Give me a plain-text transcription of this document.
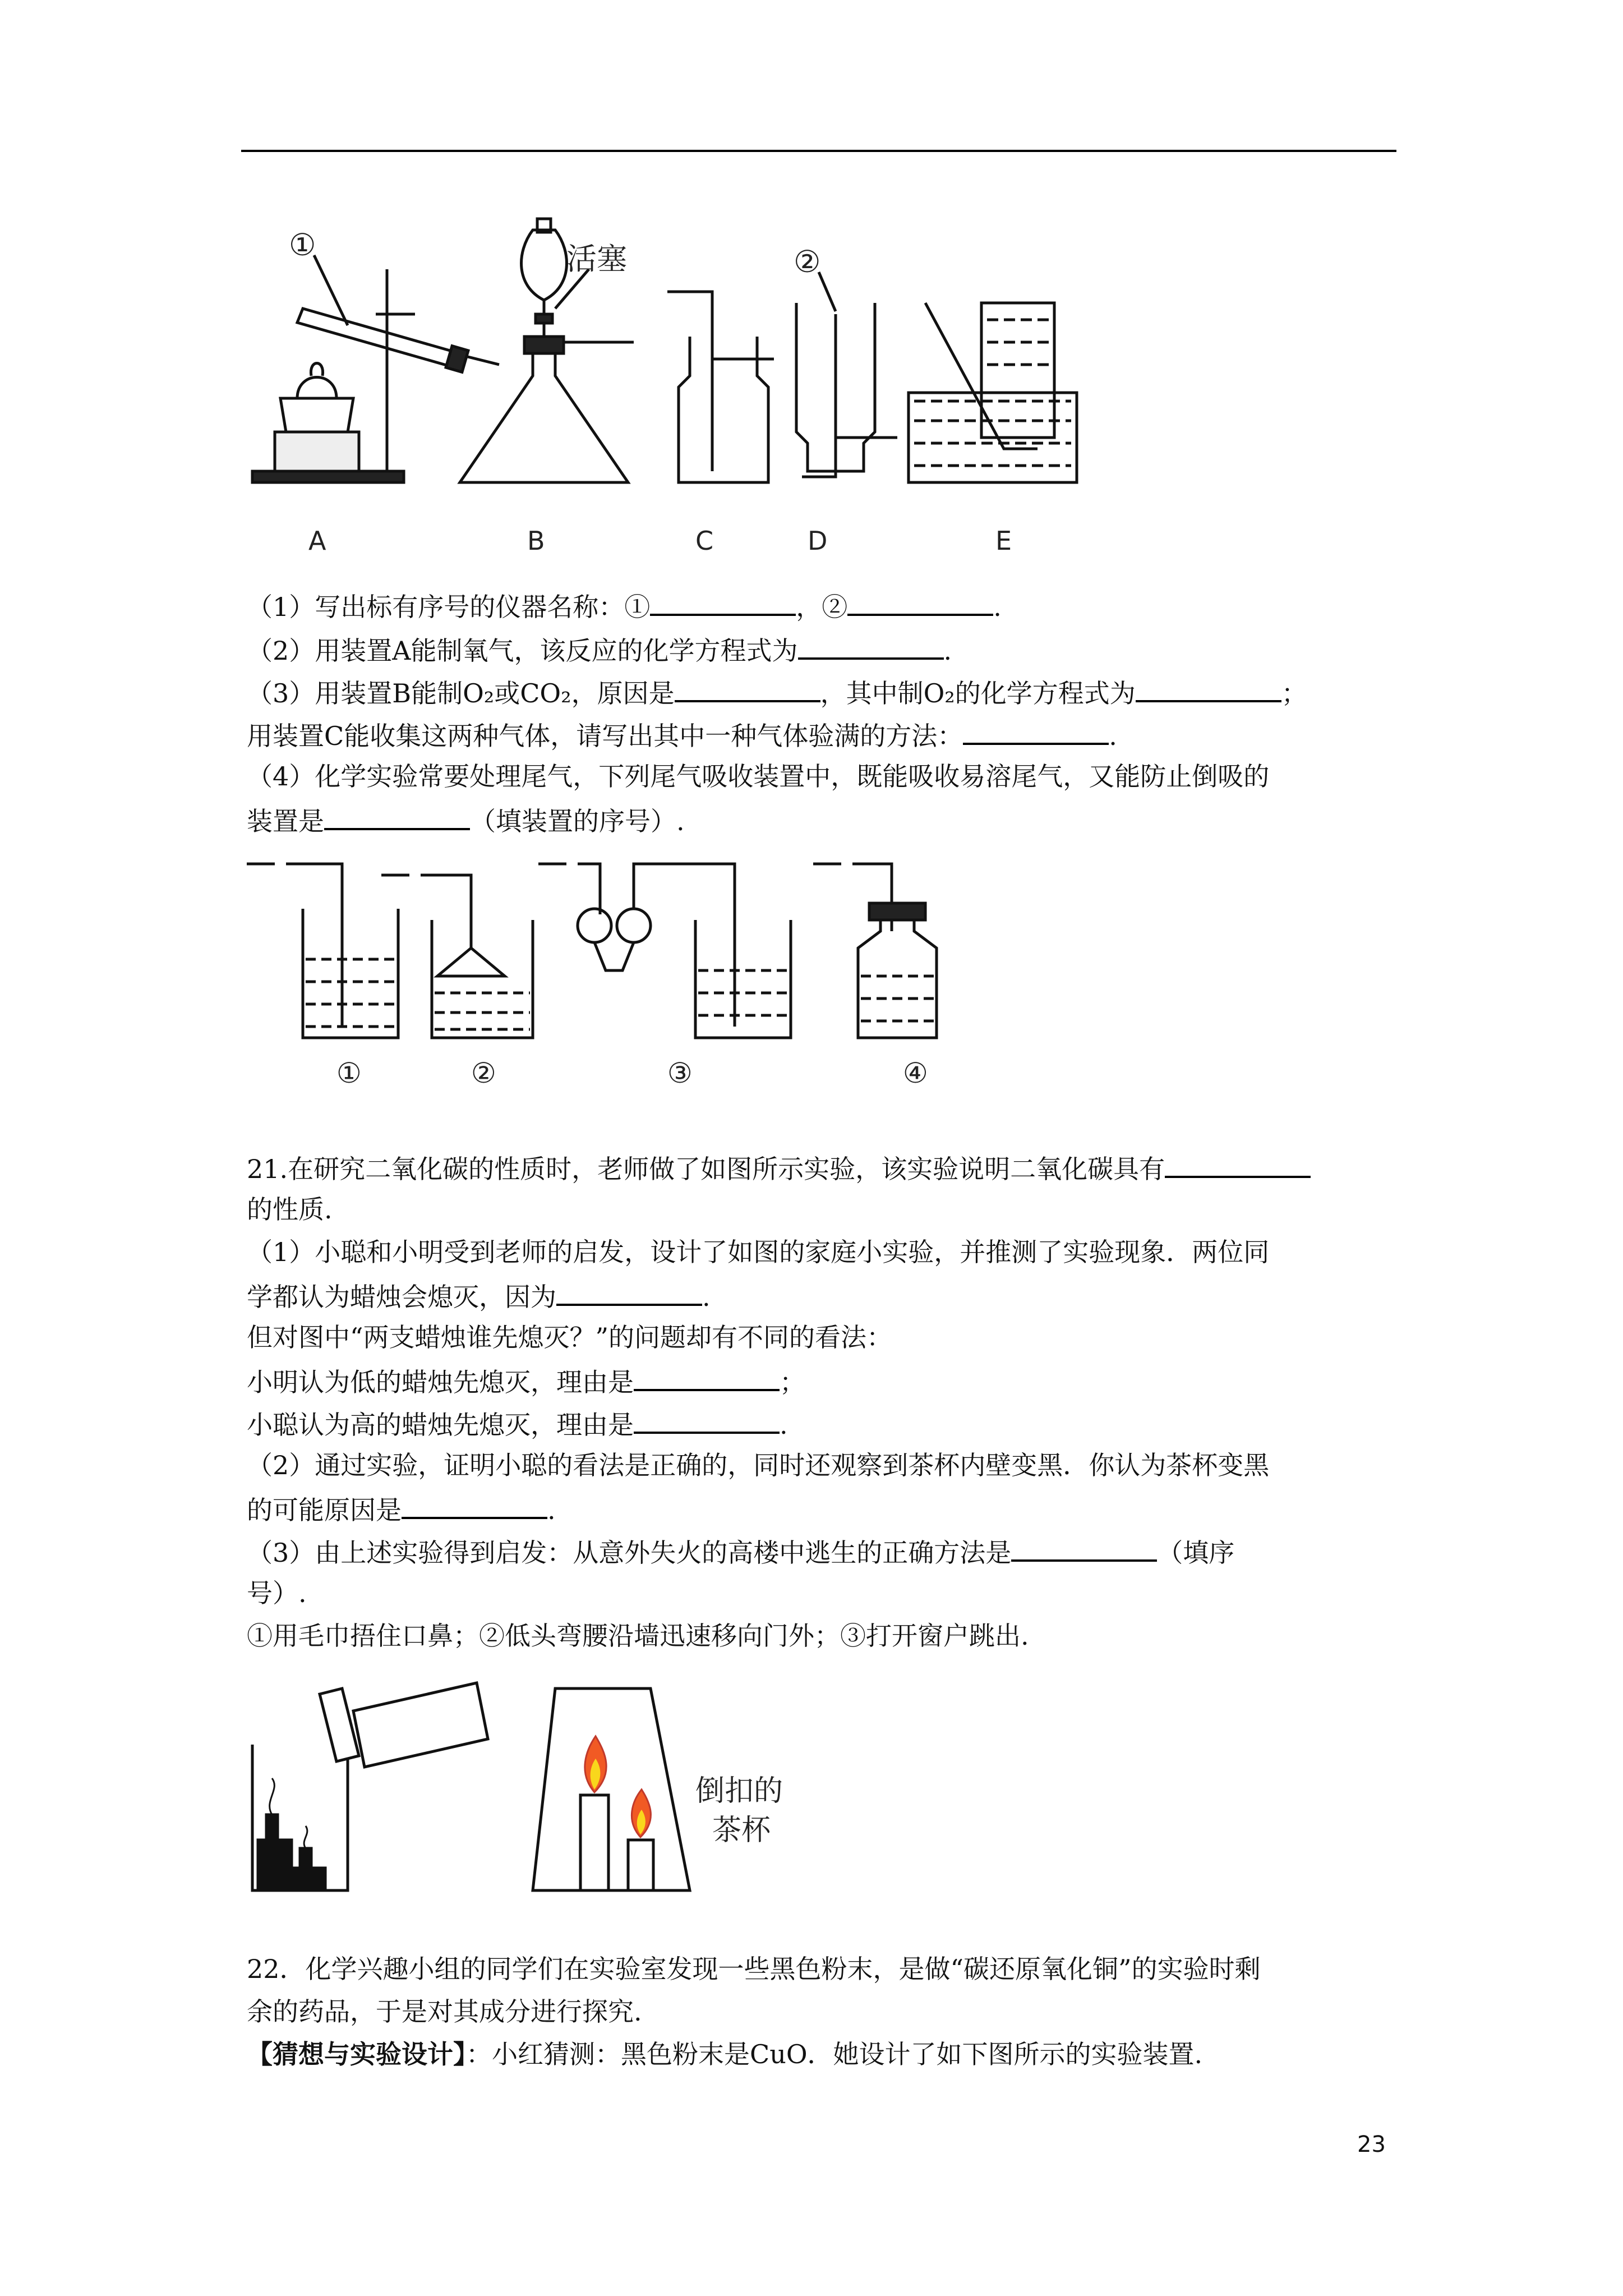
①	②
活塞
A	B	C	D	E
（1）写出标有序号的仪器名称：①	，②	.
（2）用装置A能制氧气，该反应的化学方程式为	.
（3）用装置B能制O₂或CO₂，原因是	，其中制O₂的化学方程式为	；
用装置C能收集这两种气体，请写出其中一种气体验满的方法：	.
（4）化学实验常要处理尾气，下列尾气吸收装置中，既能吸收易溶尾气，又能防止倒吸的
装置是	（填装置的序号）.
①	②	③	④
21.在研究二氧化碳的性质时，老师做了如图所示实验，该实验说明二氧化碳具有
的性质.
（1）小聪和小明受到老师的启发，设计了如图的家庭小实验，并推测了实验现象．两位同
学都认为蜡烛会熄灭，因为	.
但对图中“两支蜡烛谁先熄灭？”的问题却有不同的看法：
小明认为低的蜡烛先熄灭，理由是	；
小聪认为高的蜡烛先熄灭，理由是	.
（2）通过实验，证明小聪的看法是正确的，同时还观察到茶杯内壁变黑．你认为茶杯变黑
的可能原因是	.
（3）由上述实验得到启发：从意外失火的高楼中逃生的正确方法是	（填序
号）.
①用毛巾捂住口鼻；②低头弯腰沿墙迅速移向门外；③打开窗户跳出.
倒扣的
茶杯
22．化学兴趣小组的同学们在实验室发现一些黑色粉末，是做“碳还原氧化铜”的实验时剩
余的药品，于是对其成分进行探究.
【猜想与实验设计】：小红猜测：黑色粉末是CuO．她设计了如下图所示的实验装置.
23
